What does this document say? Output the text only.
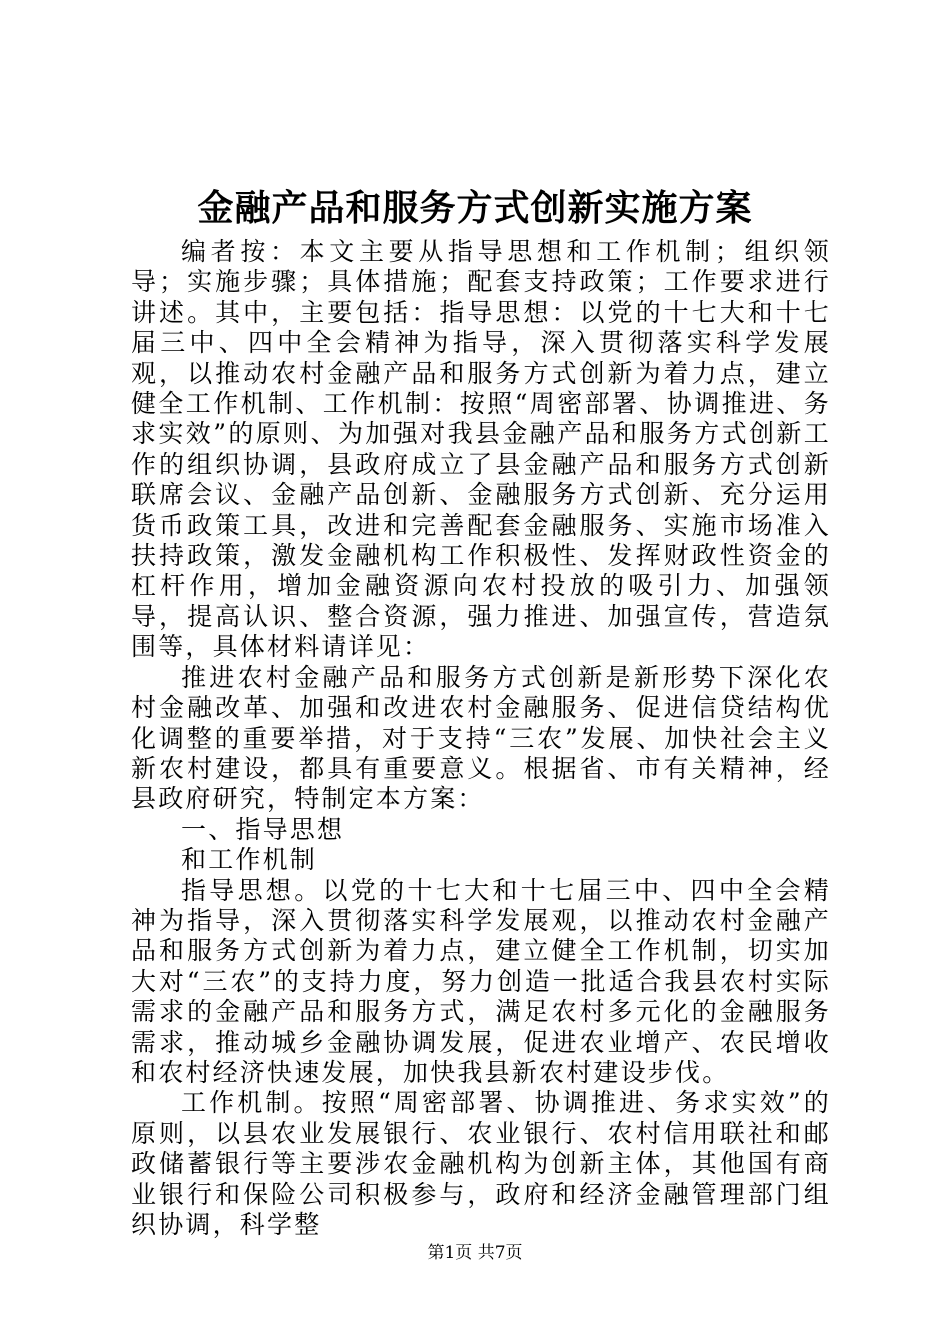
金融产品和服务方式创新实施方案

编者按：本文主要从指导思想和工作机制；组织领导；实施步骤；具体措施；配套支持政策；工作要求进行讲述。其中，主要包括：指导思想：以党的十七大和十七届三中、四中全会精神为指导，深入贯彻落实科学发展观，以推动农村金融产品和服务方式创新为着力点，建立健全工作机制、工作机制：按照“周密部署、协调推进、务求实效”的原则、为加强对我县金融产品和服务方式创新工作的组织协调，县政府成立了县金融产品和服务方式创新联席会议、金融产品创新、金融服务方式创新、充分运用货币政策工具，改进和完善配套金融服务、实施市场准入扶持政策，激发金融机构工作积极性、发挥财政性资金的杠杆作用，增加金融资源向农村投放的吸引力、加强领导，提高认识、整合资源，强力推进、加强宣传，营造氛围等，具体材料请详见：

推进农村金融产品和服务方式创新是新形势下深化农村金融改革、加强和改进农村金融服务、促进信贷结构优化调整的重要举措，对于支持“三农”发展、加快社会主义新农村建设，都具有重要意义。根据省、市有关精神，经县政府研究，特制定本方案：

一、指导思想

和工作机制

指导思想。以党的十七大和十七届三中、四中全会精神为指导，深入贯彻落实科学发展观，以推动农村金融产品和服务方式创新为着力点，建立健全工作机制，切实加大对“三农”的支持力度，努力创造一批适合我县农村实际需求的金融产品和服务方式，满足农村多元化的金融服务需求，推动城乡金融协调发展，促进农业增产、农民增收和农村经济快速发展，加快我县新农村建设步伐。

工作机制。按照“周密部署、协调推进、务求实效”的原则，以县农业发展银行、农业银行、农村信用联社和邮政储蓄银行等主要涉农金融机构为创新主体，其他国有商业银行和保险公司积极参与，政府和经济金融管理部门组织协调，科学整

第1页 共7页
